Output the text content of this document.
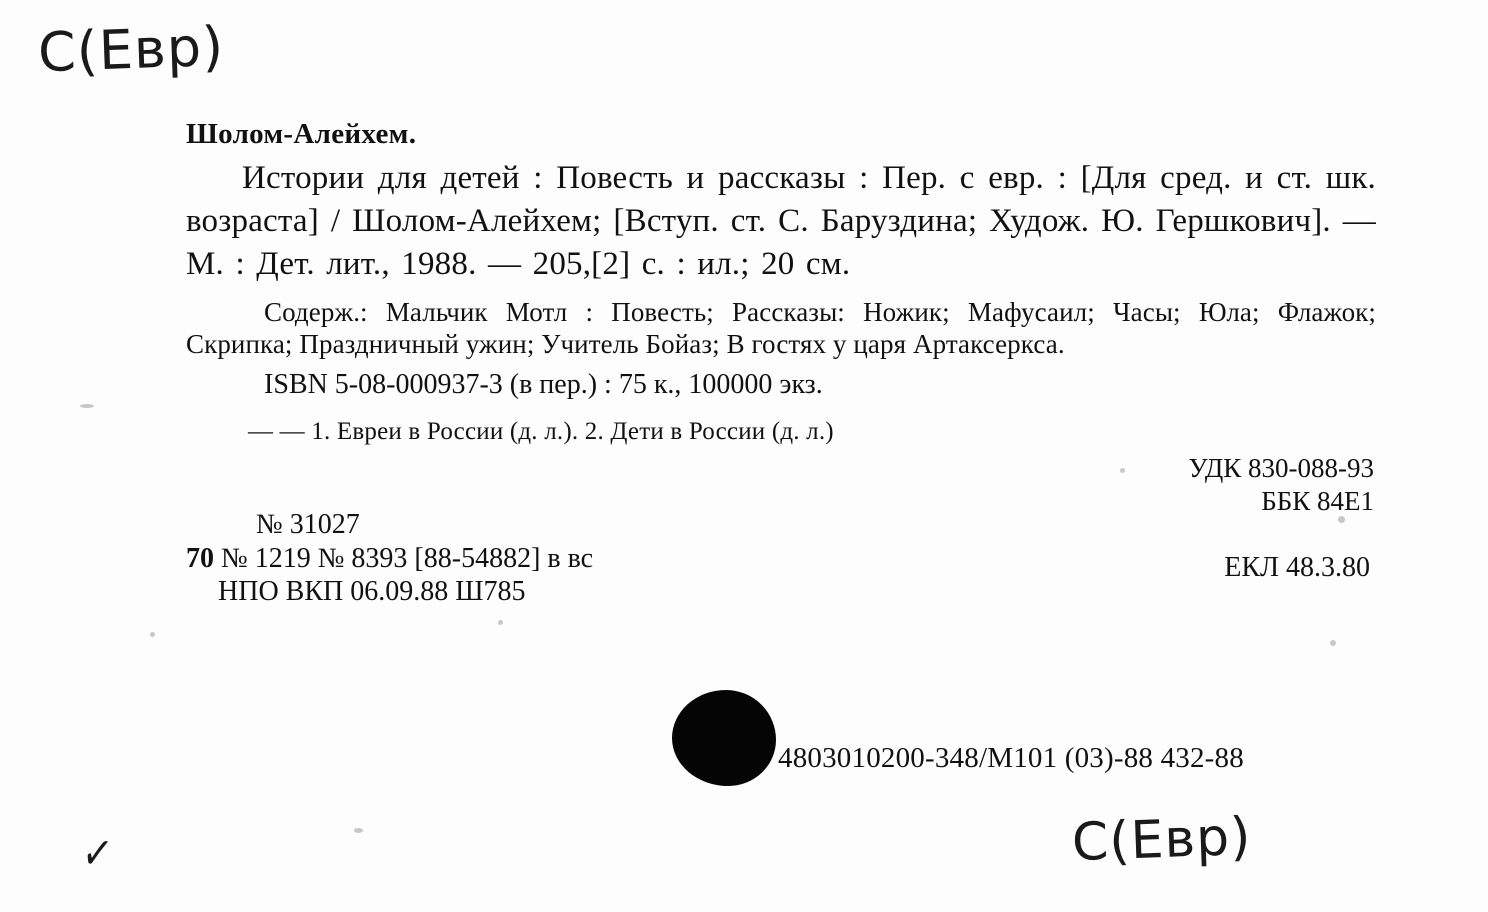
С(Евр)
Шолом-Алейхем.
Истории для детей : Повесть и рассказы : Пер. с евр. : [Для сред. и ст. шк. возраста] / Шолом-Алейхем; [Вступ. ст. С. Баруздина; Худож. Ю. Гершкович]. — М. : Дет. лит., 1988. — 205,[2] с. : ил.; 20 см.
Содерж.: Мальчик Мотл : Повесть; Рассказы: Ножик; Мафусаил; Часы; Юла; Флажок; Скрипка; Праздничный ужин; Учитель Бойаз; В гостях у царя Артаксеркса.
ISBN 5-08-000937-3 (в пер.) : 75 к., 100000 экз.
— — 1. Евреи в России (д. л.). 2. Дети в России (д. л.)
УДК 830-088-93
ББК 84Е1
ЕКЛ 48.3.80
№ 31027
70 № 1219 № 8393 [88-54882] в вс
НПО ВКП 06.09.88 Ш785
4803010200-348/М101 (03)-88 432-88
С(Евр)
✓
